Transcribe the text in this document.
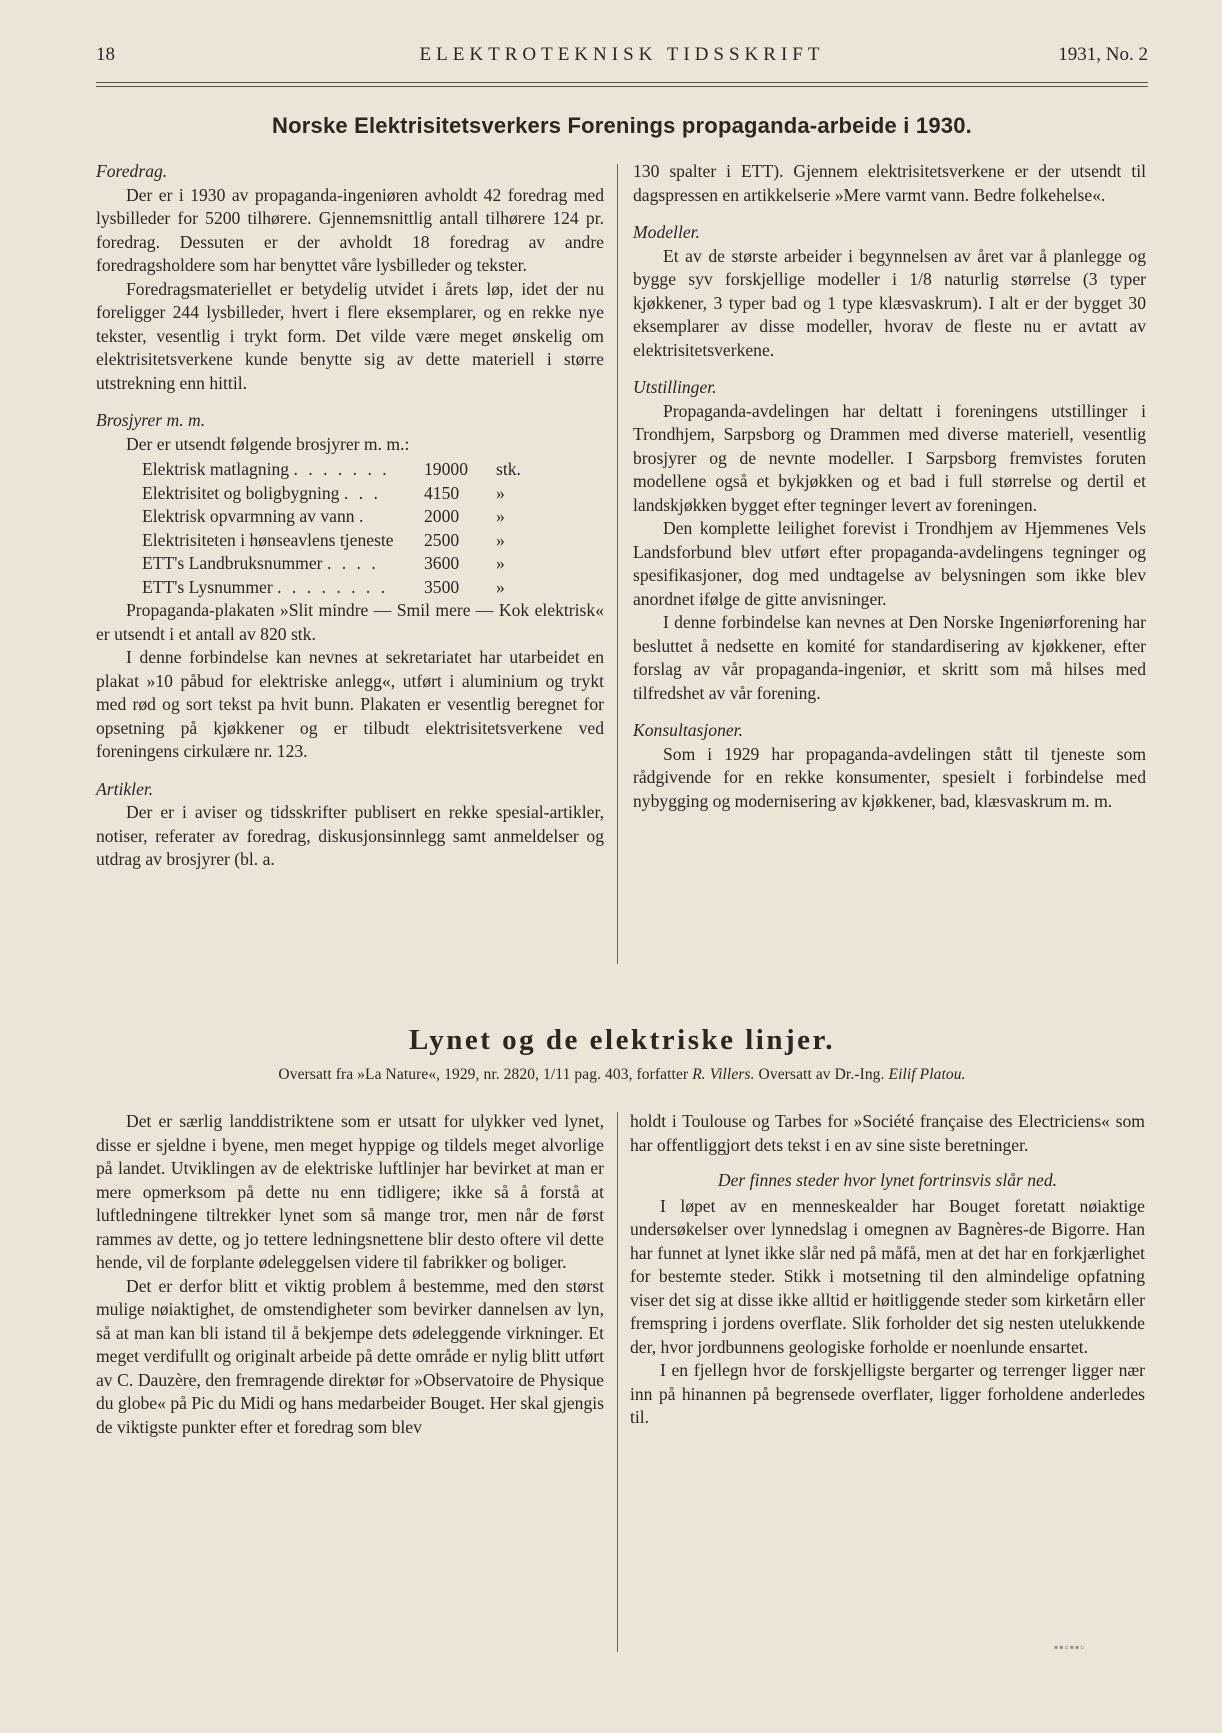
18	ELEKTROTEKNISK TIDSSKRIFT	1931, No. 2
Norske Elektrisitetsverkers Forenings propaganda-arbeide i 1930.

Foredrag.

Der er i 1930 av propaganda-ingeniøren avholdt 42 foredrag med lysbilleder for 5200 tilhørere. Gjennemsnittlig antall tilhørere 124 pr. foredrag. Dessuten er der avholdt 18 foredrag av andre foredragsholdere som har benyttet våre lysbilleder og tekster.

Foredragsmateriellet er betydelig utvidet i årets løp, idet der nu foreligger 244 lysbilleder, hvert i flere eksemplarer, og en rekke nye tekster, vesentlig i trykt form. Det vilde være meget ønskelig om elektrisitetsverkene kunde benytte sig av dette materiell i større utstrekning enn hittil.

Brosjyrer m. m.

Der er utsendt følgende brosjyrer m. m.:

Elektrisk matlagning . . . . . . .	19000	stk.
Elektrisitet og boligbygning . . .	4150	»
Elektrisk opvarmning av vann .	2000	»
Elektrisiteten i hønseavlens tjeneste	2500	»
ETT's Landbruksnummer . . . .	3600	»
ETT's Lysnummer . . . . . . . .	3500	»

Propaganda-plakaten »Slit mindre — Smil mere — Kok elektrisk« er utsendt i et antall av 820 stk.

I denne forbindelse kan nevnes at sekretariatet har utarbeidet en plakat »10 påbud for elektriske anlegg«, utført i aluminium og trykt med rød og sort tekst pa hvit bunn. Plakaten er vesentlig beregnet for opsetning på kjøkkener og er tilbudt elektrisitetsverkene ved foreningens cirkulære nr. 123.

Artikler.

Der er i aviser og tidsskrifter publisert en rekke spesial-artikler, notiser, referater av foredrag, diskusjonsinnlegg samt anmeldelser og utdrag av brosjyrer (bl. a.

130 spalter i ETT). Gjennem elektrisitetsverkene er der utsendt til dagspressen en artikkelserie »Mere varmt vann. Bedre folkehelse«.

Modeller.

Et av de største arbeider i begynnelsen av året var å planlegge og bygge syv forskjellige modeller i 1/8 naturlig størrelse (3 typer kjøkkener, 3 typer bad og 1 type klæsvaskrum). I alt er der bygget 30 eksemplarer av disse modeller, hvorav de fleste nu er avtatt av elektrisitetsverkene.

Utstillinger.

Propaganda-avdelingen har deltatt i foreningens utstillinger i Trondhjem, Sarpsborg og Drammen med diverse materiell, vesentlig brosjyrer og de nevnte modeller. I Sarpsborg fremvistes foruten modellene også et bykjøkken og et bad i full størrelse og dertil et landskjøkken bygget efter tegninger levert av foreningen.

Den komplette leilighet forevist i Trondhjem av Hjemmenes Vels Landsforbund blev utført efter propaganda-avdelingens tegninger og spesifikasjoner, dog med undtagelse av belysningen som ikke blev anordnet ifølge de gitte anvisninger.

I denne forbindelse kan nevnes at Den Norske Ingeniørforening har besluttet å nedsette en komité for standardisering av kjøkkener, efter forslag av vår propaganda-ingeniør, et skritt som må hilses med tilfredshet av vår forening.

Konsultasjoner.

Som i 1929 har propaganda-avdelingen stått til tjeneste som rådgivende for en rekke konsumenter, spesielt i forbindelse med nybygging og modernisering av kjøkkener, bad, klæsvaskrum m. m.

Lynet og de elektriske linjer.
Oversatt fra »La Nature«, 1929, nr. 2820, 1/11 pag. 403, forfatter R. Villers. Oversatt av Dr.-Ing. Eilif Platou.

Det er særlig landdistriktene som er utsatt for ulykker ved lynet, disse er sjeldne i byene, men meget hyppige og tildels meget alvorlige på landet. Utviklingen av de elektriske luftlinjer har bevirket at man er mere opmerksom på dette nu enn tidligere; ikke så å forstå at luftledningene tiltrekker lynet som så mange tror, men når de først rammes av dette, og jo tettere ledningsnettene blir desto oftere vil dette hende, vil de forplante ødeleggelsen videre til fabrikker og boliger.

Det er derfor blitt et viktig problem å bestemme, med den størst mulige nøiaktighet, de omstendigheter som bevirker dannelsen av lyn, så at man kan bli istand til å bekjempe dets ødeleggende virkninger. Et meget verdifullt og originalt arbeide på dette område er nylig blitt utført av C. Dauzère, den fremragende direktør for »Observatoire de Physique du globe« på Pic du Midi og hans medarbeider Bouget. Her skal gjengis de viktigste punkter efter et foredrag som blev

holdt i Toulouse og Tarbes for »Société française des Electriciens« som har offentliggjort dets tekst i en av sine siste beretninger.

Der finnes steder hvor lynet fortrinsvis slår ned.

I løpet av en menneskealder har Bouget foretatt nøiaktige undersøkelser over lynnedslag i omegnen av Bagnères-de Bigorre. Han har funnet at lynet ikke slår ned på måfå, men at det har en forkjærlighet for bestemte steder. Stikk i motsetning til den almindelige opfatning viser det sig at disse ikke alltid er høitliggende steder som kirketårn eller fremspring i jordens overflate. Slik forholder det sig nesten utelukkende der, hvor jordbunnens geologiske forholde er noenlunde ensartet.

I en fjellegn hvor de forskjelligste bergarter og terrenger ligger nær inn på hinannen på begrensede overflater, ligger forholdene anderledes til.

▪▪▫▪▪▫
